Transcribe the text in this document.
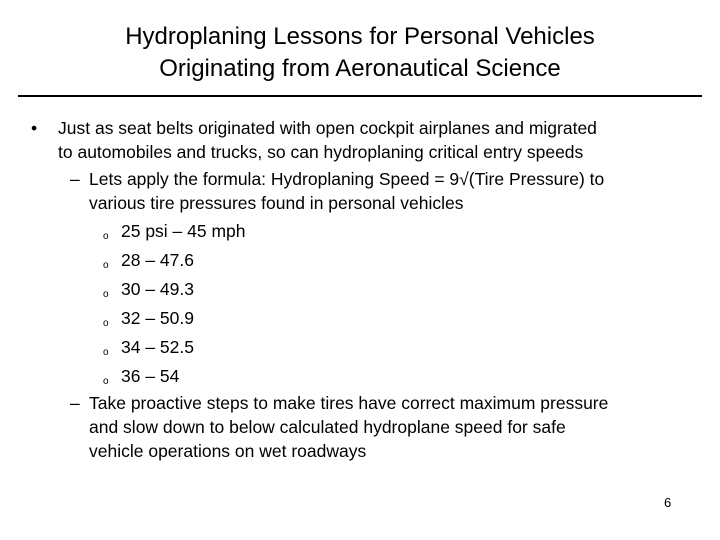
Hydroplaning Lessons for Personal Vehicles
Originating from Aeronautical Science
• Just as seat belts originated with open cockpit airplanes and migrated
to automobiles and trucks, so can hydroplaning critical entry speeds
– Lets apply the formula: Hydroplaning Speed = 9√(Tire Pressure) to
various tire pressures found in personal vehicles
o 25 psi – 45 mph
o 28 – 47.6
o 30 – 49.3
o 32 – 50.9
o 34 – 52.5
o 36 – 54
– Take proactive steps to make tires have correct maximum pressure
and slow down to below calculated hydroplane speed for safe
vehicle operations on wet roadways
6
